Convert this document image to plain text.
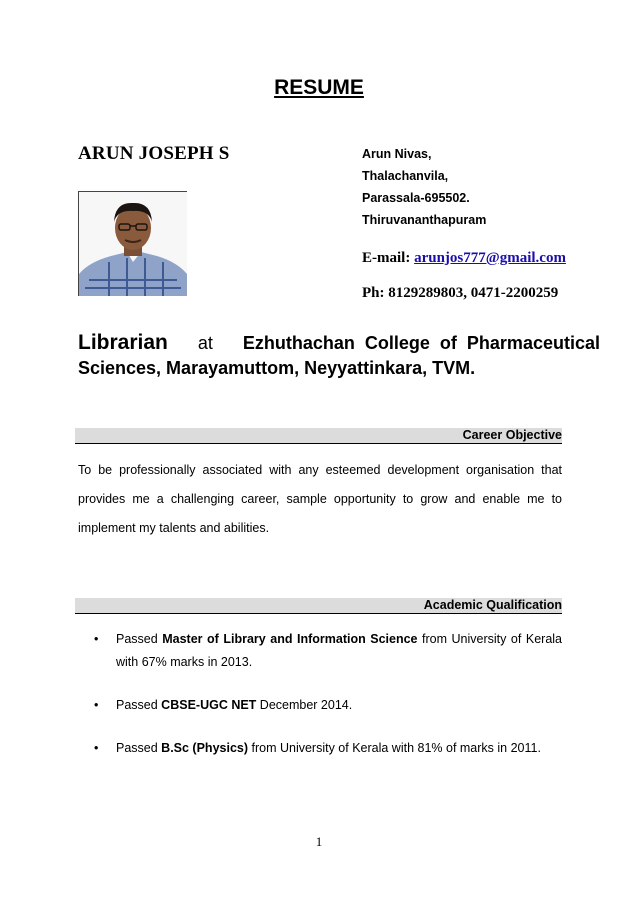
RESUME
ARUN JOSEPH S	Arun Nivas,
Thalachanvila,
Parassala-695502.
Thiruvananthapuram
E-mail: arunjos777@gmail.com
Ph: 8129289803, 0471-2200259
Librarian at Ezhuthachan College of Pharmaceutical Sciences, Marayamuttom, Neyyattinkara, TVM.
Career Objective
To be professionally associated with any esteemed development organisation that provides me a challenging career, sample opportunity to grow and enable me to implement my talents and abilities.
Academic Qualification
• Passed Master of Library and Information Science from University of Kerala with 67% marks in 2013.
• Passed CBSE-UGC NET December 2014.
• Passed B.Sc (Physics) from University of Kerala with 81% of marks in 2011.
1
